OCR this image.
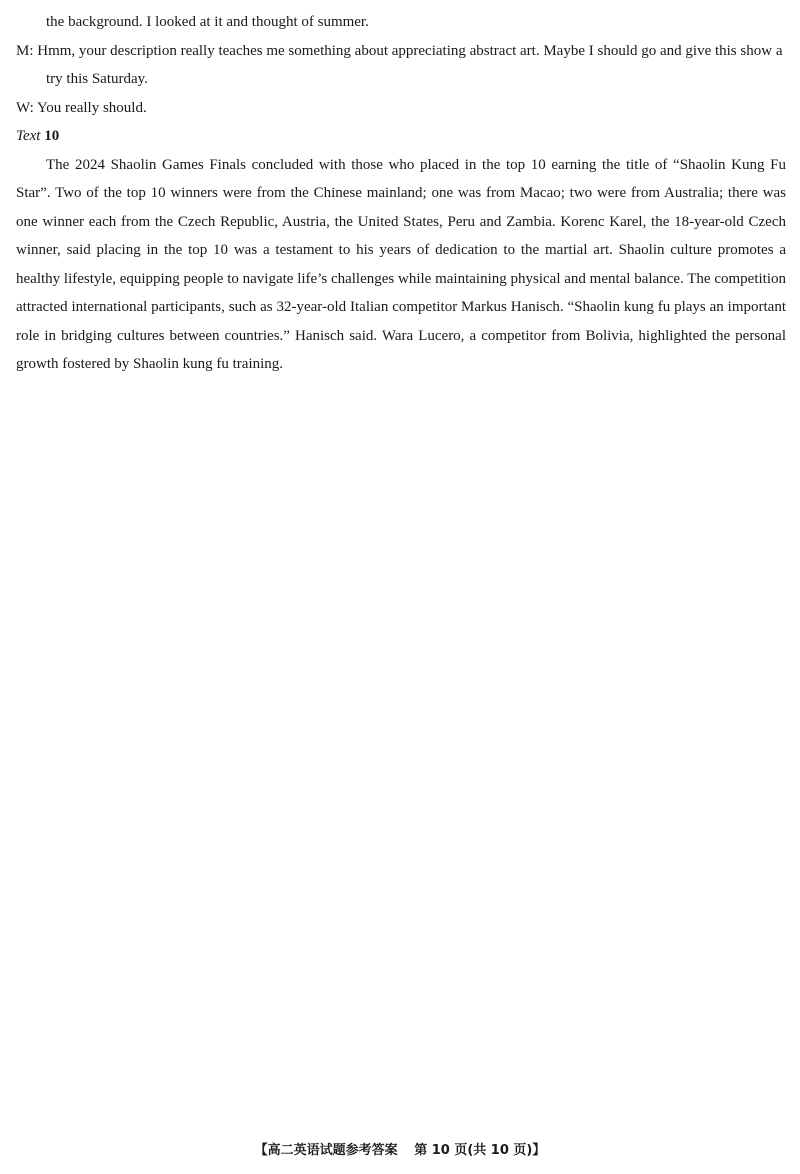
the background. I looked at it and thought of summer.

M: Hmm, your description really teaches me something about appreciating abstract art. Maybe I should go and give this show a try this Saturday.

W: You really should.
Text 10

The 2024 Shaolin Games Finals concluded with those who placed in the top 10 earning the title of “Shaolin Kung Fu Star”. Two of the top 10 winners were from the Chinese mainland; one was from Macao; two were from Australia; there was one winner each from the Czech Republic, Austria, the United States, Peru and Zambia. Korenc Karel, the 18-year-old Czech winner, said placing in the top 10 was a testament to his years of dedication to the martial art. Shaolin culture promotes a healthy lifestyle, equipping people to navigate life’s challenges while maintaining physical and mental balance. The competition attracted international participants, such as 32-year-old Italian competitor Markus Hanisch. “Shaolin kung fu plays an important role in bridging cultures between countries.” Hanisch said. Wara Lucero, a competitor from Bolivia, highlighted the personal growth fostered by Shaolin kung fu training.

【高二英语试题参考答案 第 10 页(共 10 页)】
